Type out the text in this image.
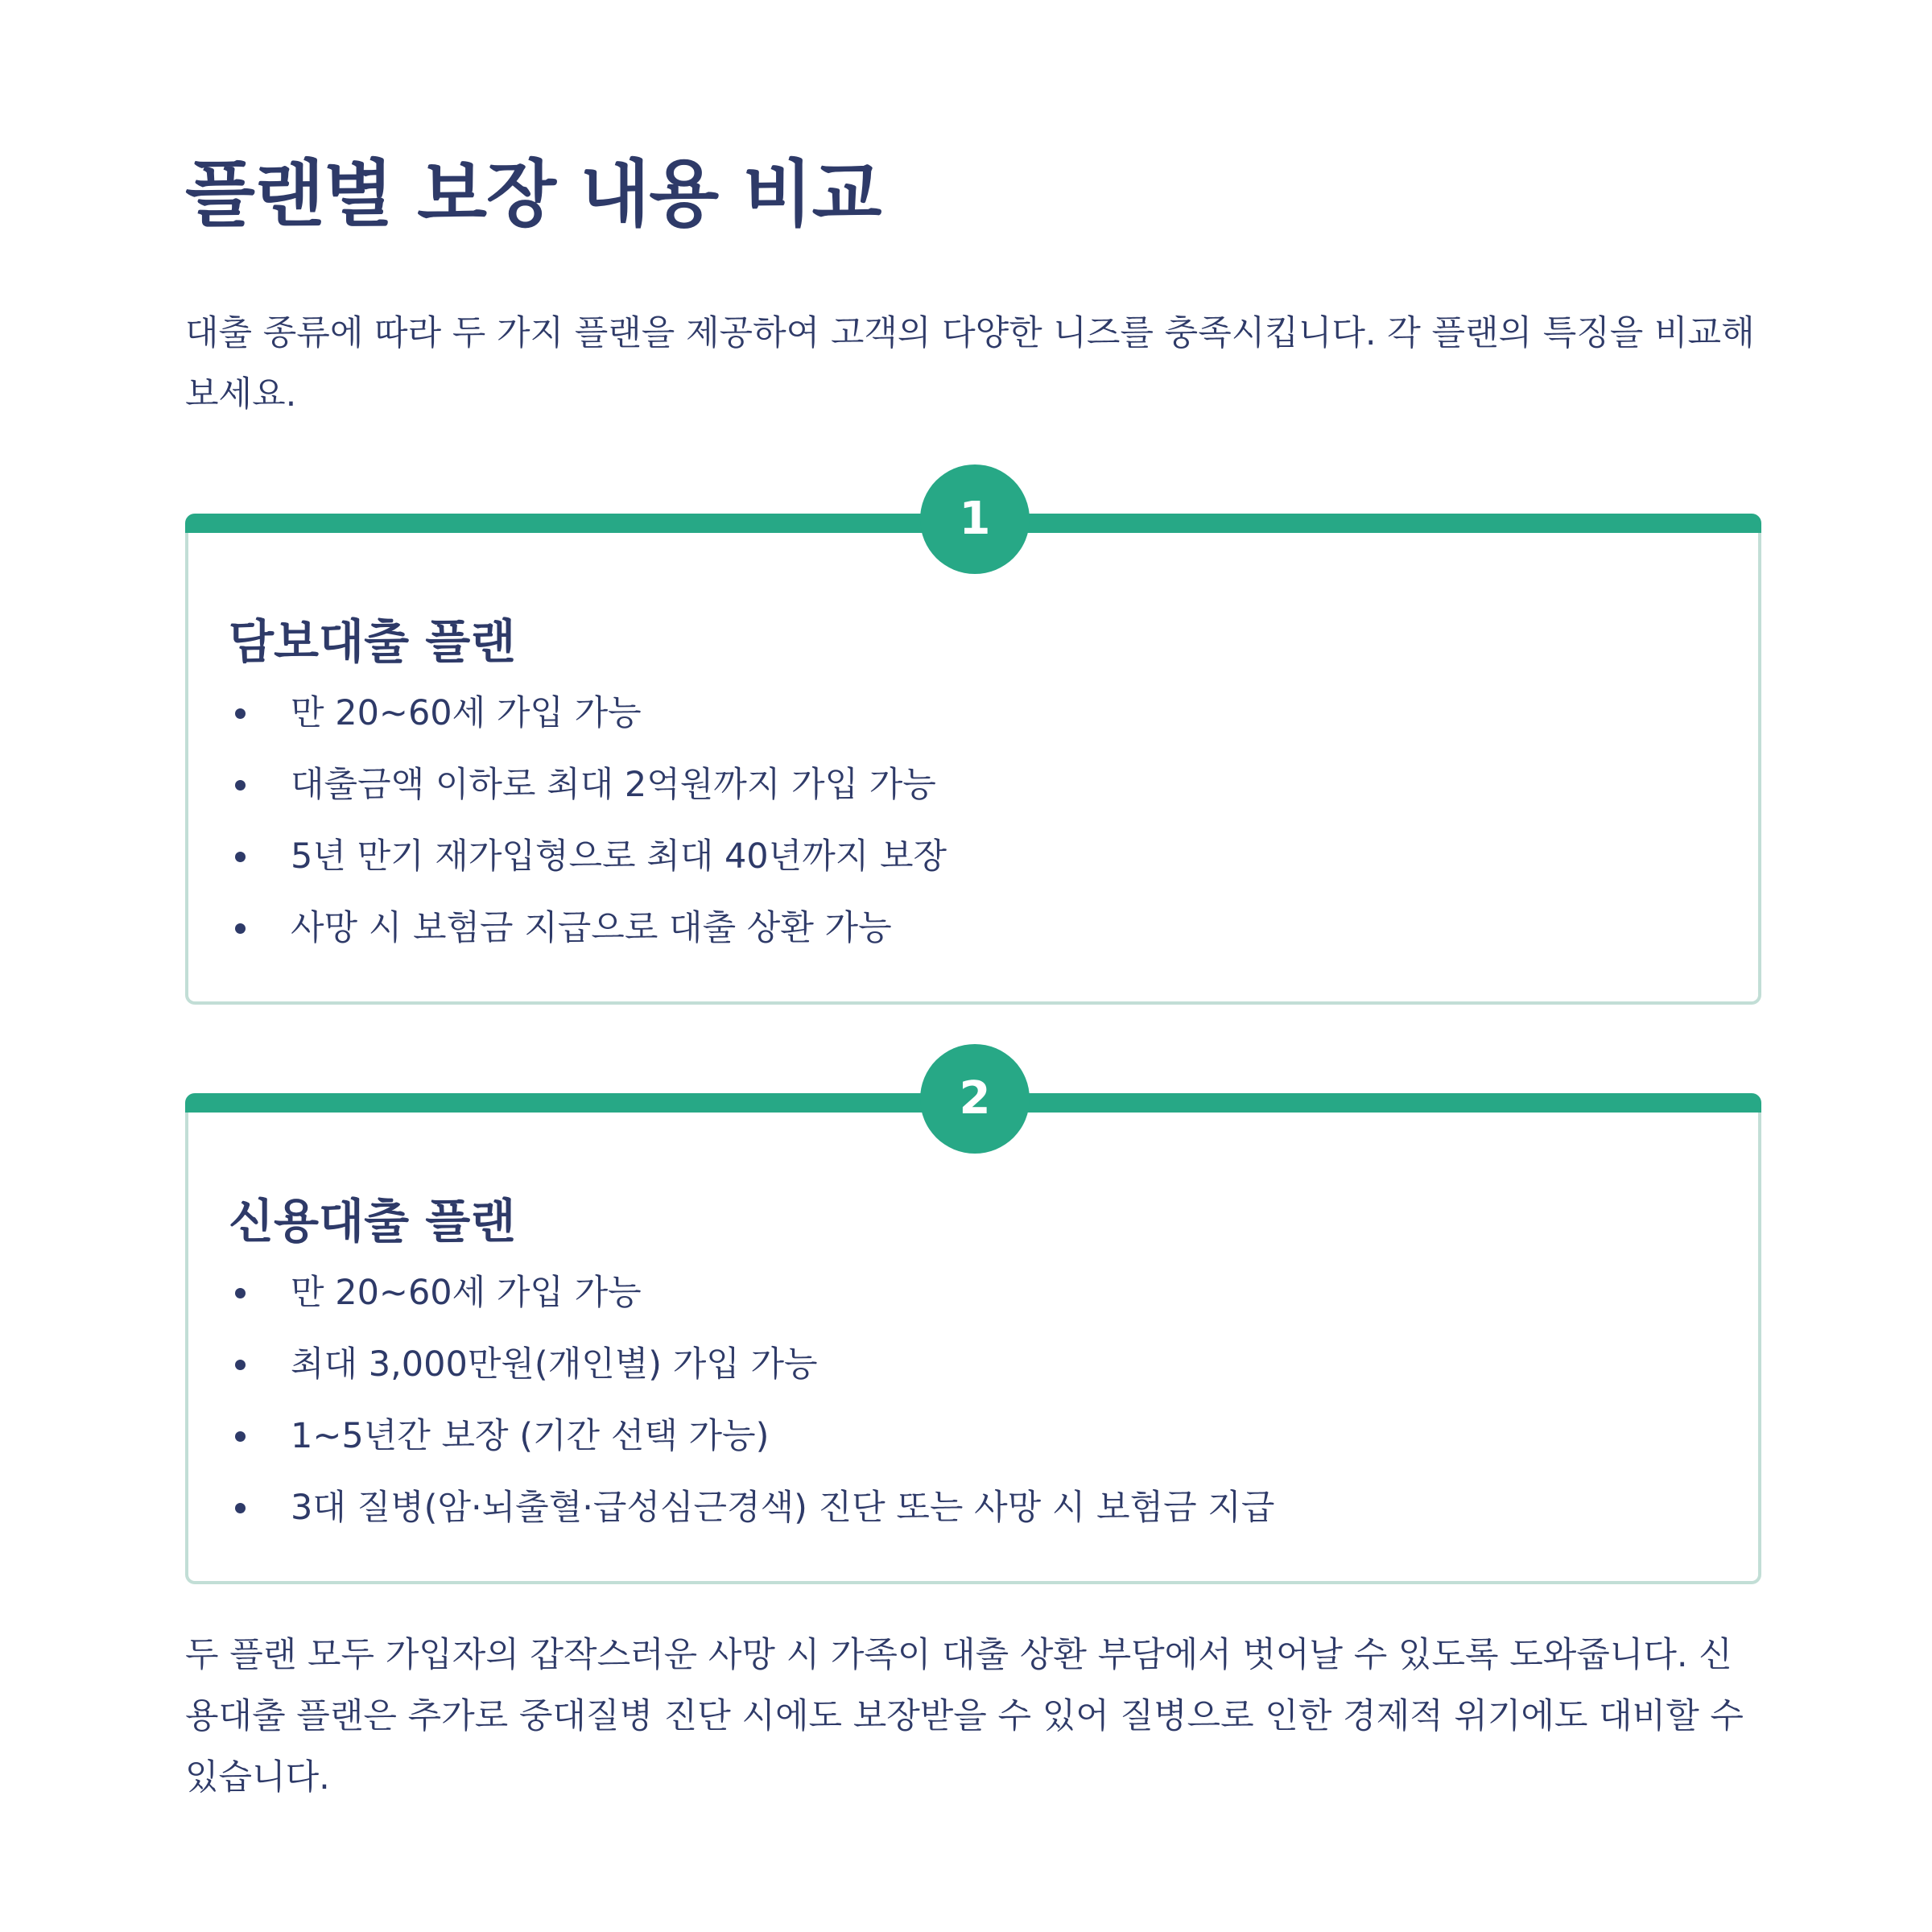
플랜별 보장 내용 비교

대출 종류에 따라 두 가지 플랜을 제공하여 고객의 다양한 니즈를 충족시킵니다. 각 플랜의 특징을 비교해 보세요.

1
담보대출 플랜
만 20~60세 가입 가능
대출금액 이하로 최대 2억원까지 가입 가능
5년 만기 재가입형으로 최대 40년까지 보장
사망 시 보험금 지급으로 대출 상환 가능
2
신용대출 플랜
만 20~60세 가입 가능
최대 3,000만원(개인별) 가입 가능
1~5년간 보장 (기간 선택 가능)
3대 질병(암·뇌출혈·급성심근경색) 진단 또는 사망 시 보험금 지급

두 플랜 모두 가입자의 갑작스러운 사망 시 가족이 대출 상환 부담에서 벗어날 수 있도록 도와줍니다. 신용대출 플랜은 추가로 중대질병 진단 시에도 보장받을 수 있어 질병으로 인한 경제적 위기에도 대비할 수 있습니다.
